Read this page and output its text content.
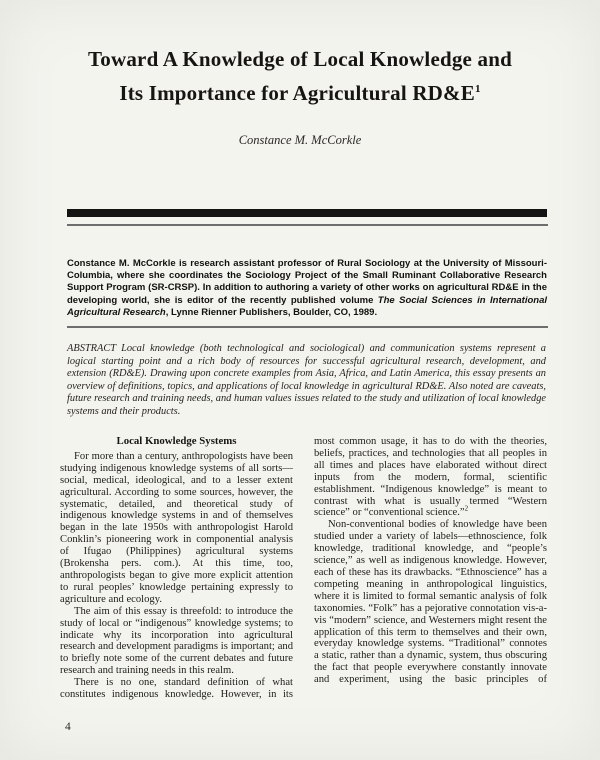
Toward A Knowledge of Local Knowledge and
Its Importance for Agricultural $RD\&E^1$
Constance M. McCorkle
Constance M. McCorkle is research assistant professor of Rural Sociology at the University of Missouri-Columbia, where she coordinates the Sociology Project of the Small Ruminant Collaborative Research Support Program (SR-CRSP). In addition to authoring a variety of other works on agricultural RD&E in the developing world, she is editor of the recently published volume The Social Sciences in International Agricultural Research, Lynne Rienner Publishers, Boulder, CO, 1989.
ABSTRACT Local knowledge (both technological and sociological) and communication systems represent a logical starting point and a rich body of resources for successful agricultural research, development, and extension (RD&E). Drawing upon concrete examples from Asia, Africa, and Latin America, this essay presents an overview of definitions, topics, and applications of local knowledge in agricultural RD&E. Also noted are caveats, future research and training needs, and human values issues related to the study and utilization of local knowledge systems and their products.
Local Knowledge Systems

For more than a century, anthropologists have been studying indigenous knowledge systems of all sorts—social, medical, ideological, and to a lesser extent agricultural. According to some sources, however, the systematic, detailed, and theoretical study of indigenous knowledge systems in and of themselves began in the late 1950s with anthropologist Harold Conklin’s pioneering work in componential analysis of Ifugao (Philippines) agricultural systems (Brokensha pers. com.). At this time, too, anthropologists began to give more explicit attention to rural peoples’ knowledge pertaining expressly to agriculture and ecology.

The aim of this essay is threefold: to introduce the study of local or “indigenous” knowledge systems; to indicate why its incorporation into agricultural research and development paradigms is important; and to briefly note some of the current debates and future research and training needs in this realm.

There is no one, standard definition of what constitutes indigenous knowledge. However, in its

most common usage, it has to do with the theories, beliefs, practices, and technologies that all peoples in all times and places have elaborated without direct inputs from the modern, formal, scientific establishment. “Indigenous knowledge” is meant to contrast with what is usually termed “Western science” or “conventional science.”$^2$

Non-conventional bodies of knowledge have been studied under a variety of labels—ethnoscience, folk knowledge, traditional knowledge, and “people’s science,” as well as indigenous knowledge. However, each of these has its drawbacks. “Ethnoscience” has a competing meaning in anthropological linguistics, where it is limited to formal semantic analysis of folk taxonomies. “Folk” has a pejorative connotation vis-a-vis “modern” science, and Westerners might resent the application of this term to themselves and their own, everyday knowledge systems. “Traditional” connotes a static, rather than a dynamic, system, thus obscuring the fact that people everywhere constantly innovate and experiment, using the basic principles of

4
